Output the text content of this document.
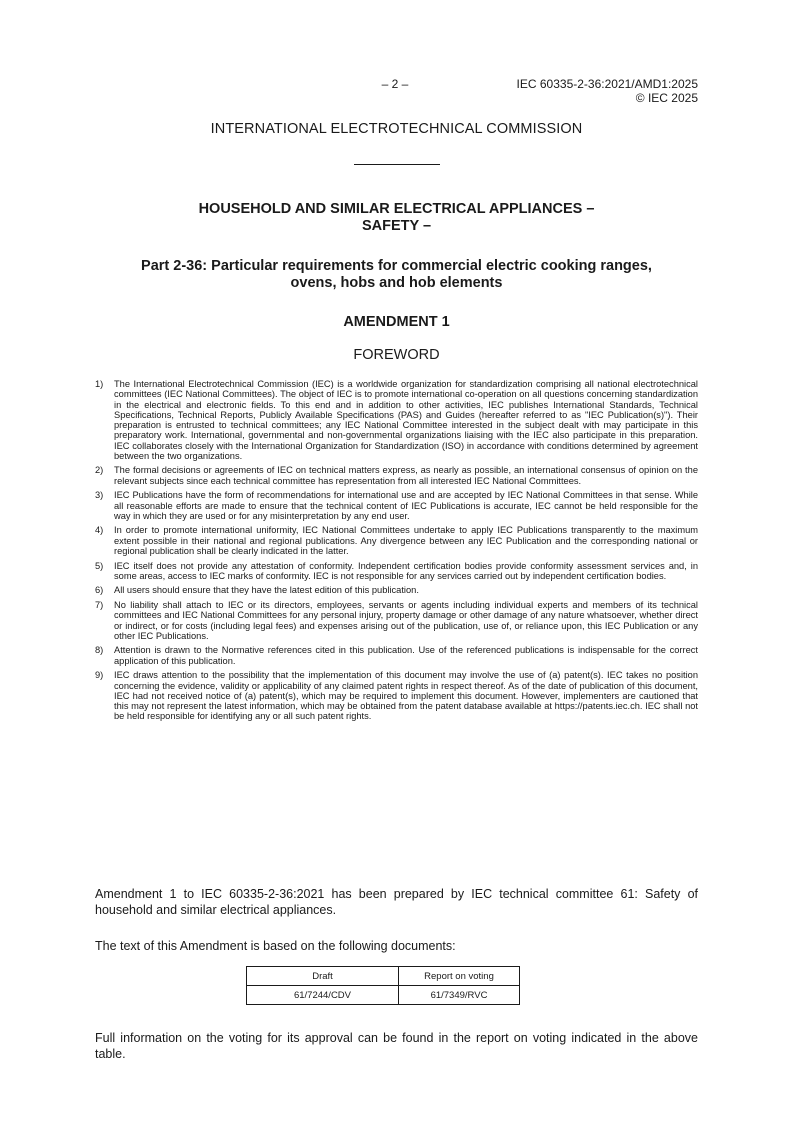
– 2 –	IEC 60335-2-36:2021/AMD1:2025
© IEC 2025
INTERNATIONAL ELECTROTECHNICAL COMMISSION
HOUSEHOLD AND SIMILAR ELECTRICAL APPLIANCES –
SAFETY –
Part 2-36: Particular requirements for commercial electric cooking ranges,
ovens, hobs and hob elements
AMENDMENT 1
FOREWORD
1) The International Electrotechnical Commission (IEC) is a worldwide organization for standardization comprising all national electrotechnical committees (IEC National Committees). The object of IEC is to promote international co-operation on all questions concerning standardization in the electrical and electronic fields. To this end and in addition to other activities, IEC publishes International Standards, Technical Specifications, Technical Reports, Publicly Available Specifications (PAS) and Guides (hereafter referred to as "IEC Publication(s)"). Their preparation is entrusted to technical committees; any IEC National Committee interested in the subject dealt with may participate in this preparatory work. International, governmental and non-governmental organizations liaising with the IEC also participate in this preparation. IEC collaborates closely with the International Organization for Standardization (ISO) in accordance with conditions determined by agreement between the two organizations.
2) The formal decisions or agreements of IEC on technical matters express, as nearly as possible, an international consensus of opinion on the relevant subjects since each technical committee has representation from all interested IEC National Committees.
3) IEC Publications have the form of recommendations for international use and are accepted by IEC National Committees in that sense. While all reasonable efforts are made to ensure that the technical content of IEC Publications is accurate, IEC cannot be held responsible for the way in which they are used or for any misinterpretation by any end user.
4) In order to promote international uniformity, IEC National Committees undertake to apply IEC Publications transparently to the maximum extent possible in their national and regional publications. Any divergence between any IEC Publication and the corresponding national or regional publication shall be clearly indicated in the latter.
5) IEC itself does not provide any attestation of conformity. Independent certification bodies provide conformity assessment services and, in some areas, access to IEC marks of conformity. IEC is not responsible for any services carried out by independent certification bodies.
6) All users should ensure that they have the latest edition of this publication.
7) No liability shall attach to IEC or its directors, employees, servants or agents including individual experts and members of its technical committees and IEC National Committees for any personal injury, property damage or other damage of any nature whatsoever, whether direct or indirect, or for costs (including legal fees) and expenses arising out of the publication, use of, or reliance upon, this IEC Publication or any other IEC Publications.
8) Attention is drawn to the Normative references cited in this publication. Use of the referenced publications is indispensable for the correct application of this publication.
9) IEC draws attention to the possibility that the implementation of this document may involve the use of (a) patent(s). IEC takes no position concerning the evidence, validity or applicability of any claimed patent rights in respect thereof. As of the date of publication of this document, IEC had not received notice of (a) patent(s), which may be required to implement this document. However, implementers are cautioned that this may not represent the latest information, which may be obtained from the patent database available at https://patents.iec.ch. IEC shall not be held responsible for identifying any or all such patent rights.
Amendment 1 to IEC 60335-2-36:2021 has been prepared by IEC technical committee 61: Safety of household and similar electrical appliances.
The text of this Amendment is based on the following documents:
Draft	Report on voting
61/7244/CDV	61/7349/RVC
Full information on the voting for its approval can be found in the report on voting indicated in the above table.
